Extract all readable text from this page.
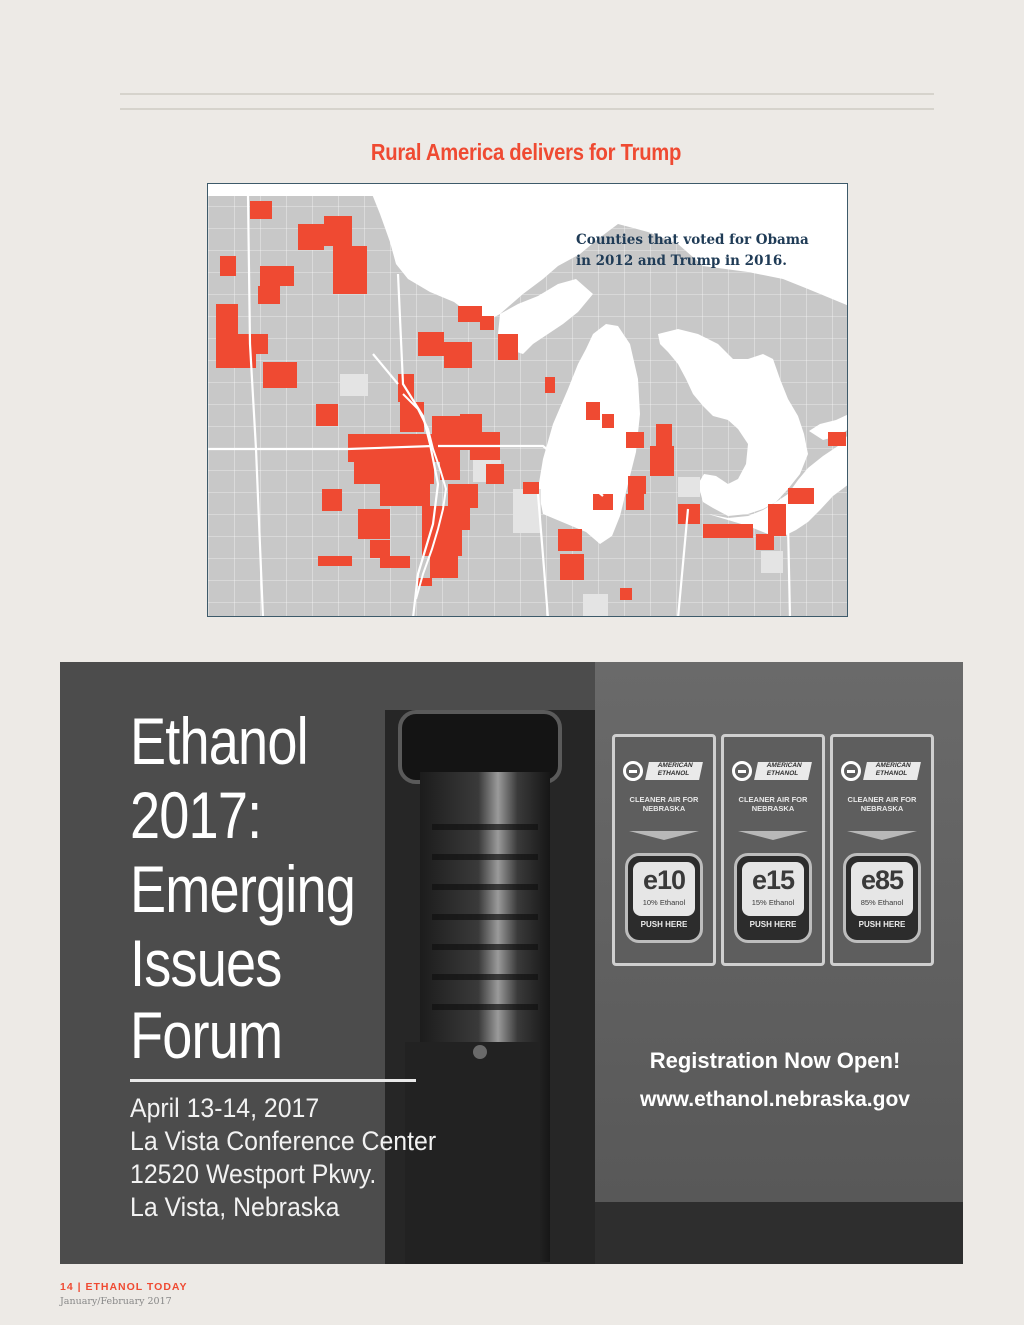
Rural America delivers for Trump
Counties that voted for Obama in 2012 and Trump in 2016.
Ethanol
2017:
Emerging
Issues
Forum
April 13-14, 2017
La Vista Conference Center
12520 Westport Pkwy.
La Vista, Nebraska
AMERICAN ETHANOL
CLEANER AIR FOR NEBRASKA
e10
10% Ethanol
PUSH HERE
AMERICAN ETHANOL
CLEANER AIR FOR NEBRASKA
e15
15% Ethanol
PUSH HERE
AMERICAN ETHANOL
CLEANER AIR FOR NEBRASKA
e85
85% Ethanol
PUSH HERE
Registration Now Open!
www.ethanol.nebraska.gov
14 | ETHANOL TODAY
January/February 2017
